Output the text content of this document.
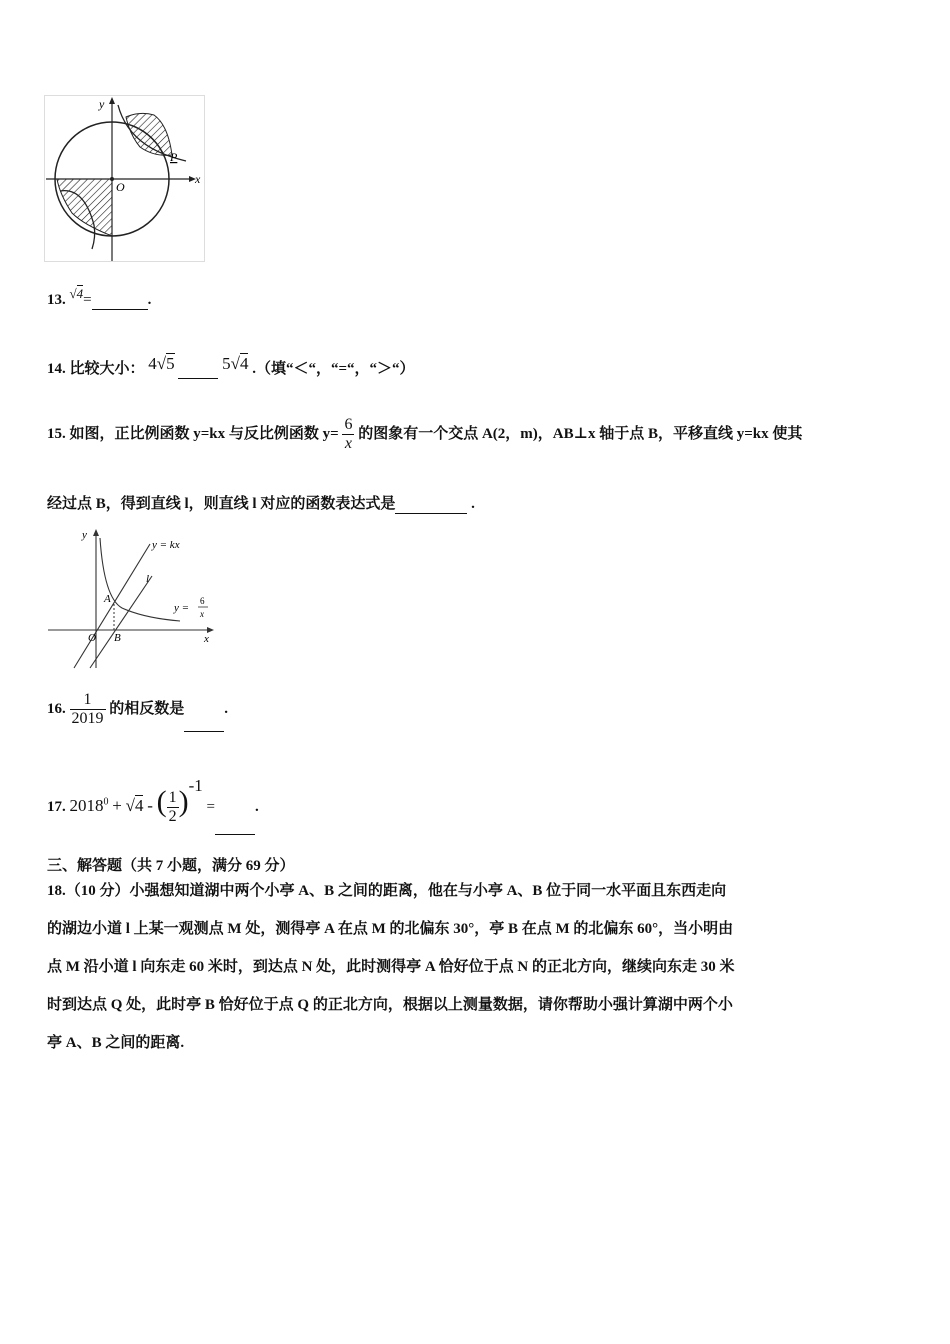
y
x
P
O
13. √4=	.
14. 比较大小： 4√5	5√4 .（填“＜“，“=“，“＞“）
15. 如图，正比例函数 y=kx 与反比例函数 $y= \frac{6}{x}$ 的图象有一个交点 A(2，m)，AB⊥x 轴于点 B，平移直线 y=kx 使其
经过点 B，得到直线 l，则直线 l 对应的函数表达式是	.
y
y = kx
l
A
O B	x
y =
6
x
16. $\frac{1}{2019}$ 的相反数是	.
17. $2018^0 + √4$ - ( $\frac{1}{2} )^{-1}$ =	.
三、解答题（共 7 小题，满分 69 分）
18.（10 分）小强想知道湖中两个小亭 A、B 之间的距离，他在与小亭 A、B 位于同一水平面且东西走向
的湖边小道 l 上某一观测点 M 处，测得亭 A 在点 M 的北偏东 30°，亭 B 在点 M 的北偏东 60°，当小明由
点 M 沿小道 l 向东走 60 米时，到达点 N 处，此时测得亭 A 恰好位于点 N 的正北方向，继续向东走 30 米
时到达点 Q 处，此时亭 B 恰好位于点 Q 的正北方向，根据以上测量数据，请你帮助小强计算湖中两个小
亭 A、B 之间的距离.
